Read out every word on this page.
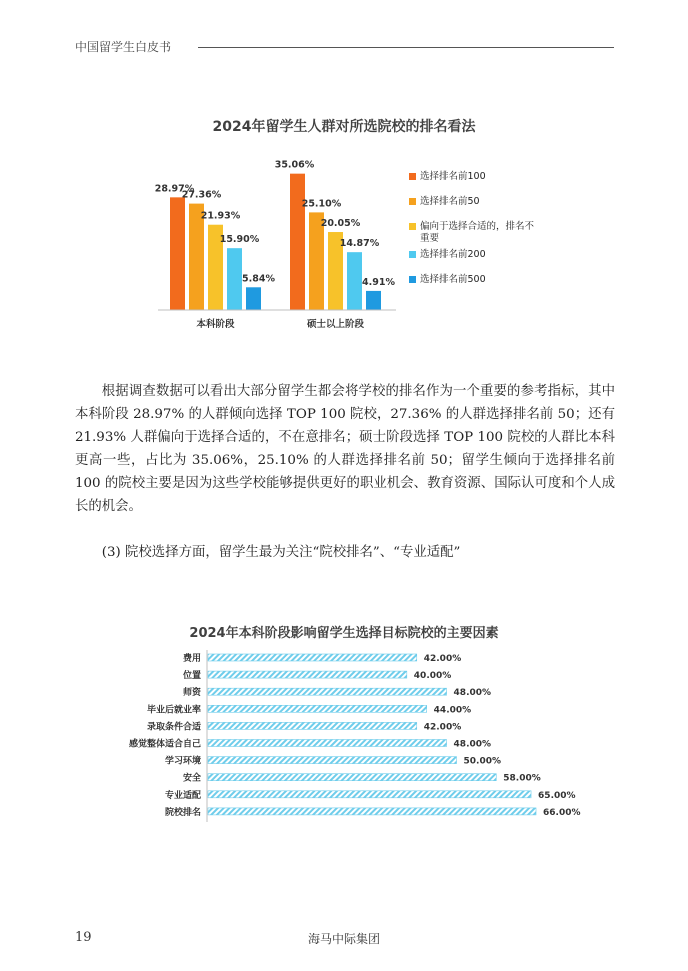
中国留学生白皮书
2024年留学生人群对所选院校的排名看法
28.97%
27.36%
21.93%
15.90%
5.84%
本科阶段
35.06%
25.10%
20.05%
14.87%
4.91%
硕士以上阶段
选择排名前100
选择排名前50
偏向于选择合适的，排名不重要
选择排名前200
选择排名前500
根据调查数据可以看出大部分留学生都会将学校的排名作为一个重要的参考指标，其中本科阶段 28.97% 的人群倾向选择 TOP 100 院校，27.36% 的人群选择排名前 50；还有 21.93% 人群偏向于选择合适的，不在意排名；硕士阶段选择 TOP 100 院校的人群比本科更高一些，占比为 35.06%，25.10% 的人群选择排名前 50；留学生倾向于选择排名前 100 的院校主要是因为这些学校能够提供更好的职业机会、教育资源、国际认可度和个人成长的机会。
(3) 院校选择方面，留学生最为关注“院校排名”、“专业适配”
2024年本科阶段影响留学生选择目标院校的主要因素
费用	42.00%
位置	40.00%
师资	48.00%
毕业后就业率	44.00%
录取条件合适	42.00%
感觉整体适合自己	48.00%
学习环境	50.00%
安全	58.00%
专业适配	65.00%
院校排名	66.00%
19	海马中际集团
